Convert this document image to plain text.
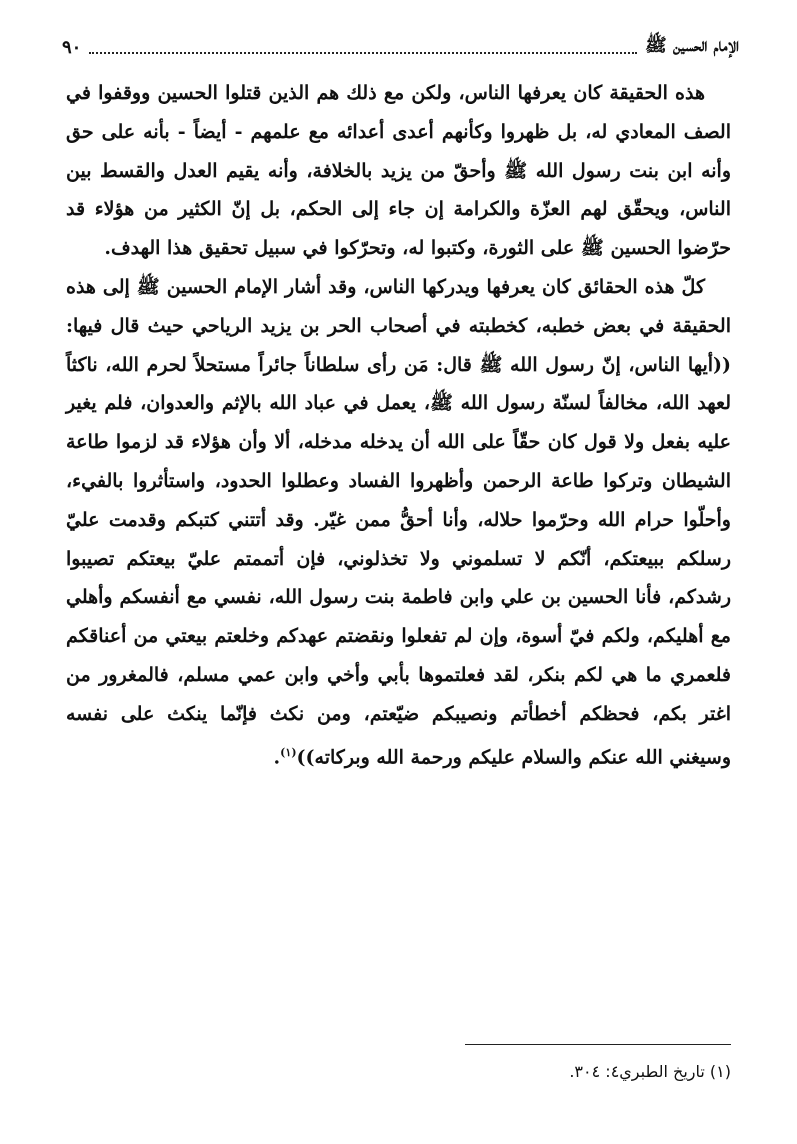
الإمام الحسين ﷺ
٩٠

هذه الحقيقة كان يعرفها الناس، ولكن مع ذلك هم الذين قتلوا الحسين ووقفوا في الصف المعادي له، بل ظهروا وكأنهم أعدى أعدائه مع علمهم - أيضاً - بأنه على حق وأنه ابن بنت رسول الله ﷺ وأحقّ من يزيد بالخلافة، وأنه يقيم العدل والقسط بين الناس، ويحقّق لهم العزّة والكرامة إن جاء إلى الحكم، بل إنّ الكثير من هؤلاء قد حرّضوا الحسين ﷺ على الثورة، وكتبوا له، وتحرّكوا في سبيل تحقيق هذا الهدف.

كلّ هذه الحقائق كان يعرفها ويدركها الناس، وقد أشار الإمام الحسين ﷺ إلى هذه الحقيقة في بعض خطبه، كخطبته في أصحاب الحر بن يزيد الرياحي حيث قال فيها: ((أيها الناس، إنّ رسول الله ﷺ قال: مَن رأى سلطاناً جائراً مستحلاً لحرم الله، ناكثاً لعهد الله، مخالفاً لسنّة رسول الله ﷺ، يعمل في عباد الله بالإثم والعدوان، فلم يغير عليه بفعل ولا قول كان حقّاً على الله أن يدخله مدخله، ألا وأن هؤلاء قد لزموا طاعة الشيطان وتركوا طاعة الرحمن وأظهروا الفساد وعطلوا الحدود، واستأثروا بالفيء، وأحلّوا حرام الله وحرّموا حلاله، وأنا أحقُّ ممن غيّر. وقد أتتني كتبكم وقدمت عليّ رسلكم ببيعتكم، أنّكم لا تسلموني ولا تخذلوني، فإن أتممتم عليّ بيعتكم تصيبوا رشدكم، فأنا الحسين بن علي وابن فاطمة بنت رسول الله، نفسي مع أنفسكم وأهلي مع أهليكم، ولكم فيّ أسوة، وإن لم تفعلوا ونقضتم عهدكم وخلعتم بيعتي من أعناقكم فلعمري ما هي لكم بنكر، لقد فعلتموها بأبي وأخي وابن عمي مسلم، فالمغرور من اغتر بكم، فحظكم أخطأتم ونصيبكم ضيّعتم، ومن نكث فإنّما ينكث على نفسه وسيغني الله عنكم والسلام عليكم ورحمة الله وبركاته))$^{(١)}$.

(١) تاريخ الطبري٤: ٣٠٤.
